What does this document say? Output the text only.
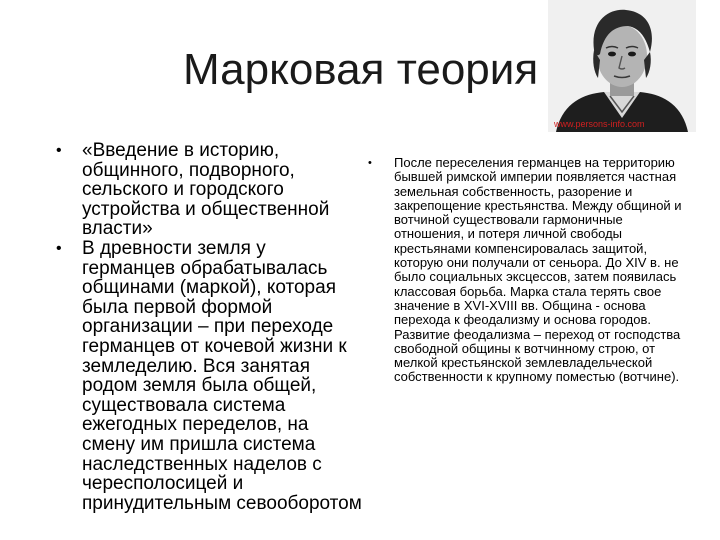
Марковая теория
www.persons-info.com
• «Введение в историю, общинного, подворного, сельского и городского устройства и общественной власти»
• В древности земля у германцев обрабатывалась общинами (маркой), которая была первой формой организации – при переходе германцев от кочевой жизни к земледелию. Вся занятая родом земля была общей, существовала система ежегодных переделов, на смену им пришла система наследственных наделов с чересполосицей и принудительным севооборотом
• После переселения германцев на территорию бывшей римской империи появляется частная земельная собственность, разорение и закрепощение крестьянства. Между общиной и вотчиной существовали гармоничные отношения, и потеря личной свободы крестьянами компенсировалась защитой, которую они получали от сеньора. До XIV в. не было социальных эксцессов, затем появилась классовая борьба. Марка стала терять свое значение в XVI-XVIII вв. Община - основа перехода к феодализму и основа городов. Развитие феодализма – переход от господства свободной общины к вотчинному строю, от мелкой крестьянской землевладельческой собственности к крупному поместью (вотчине).
